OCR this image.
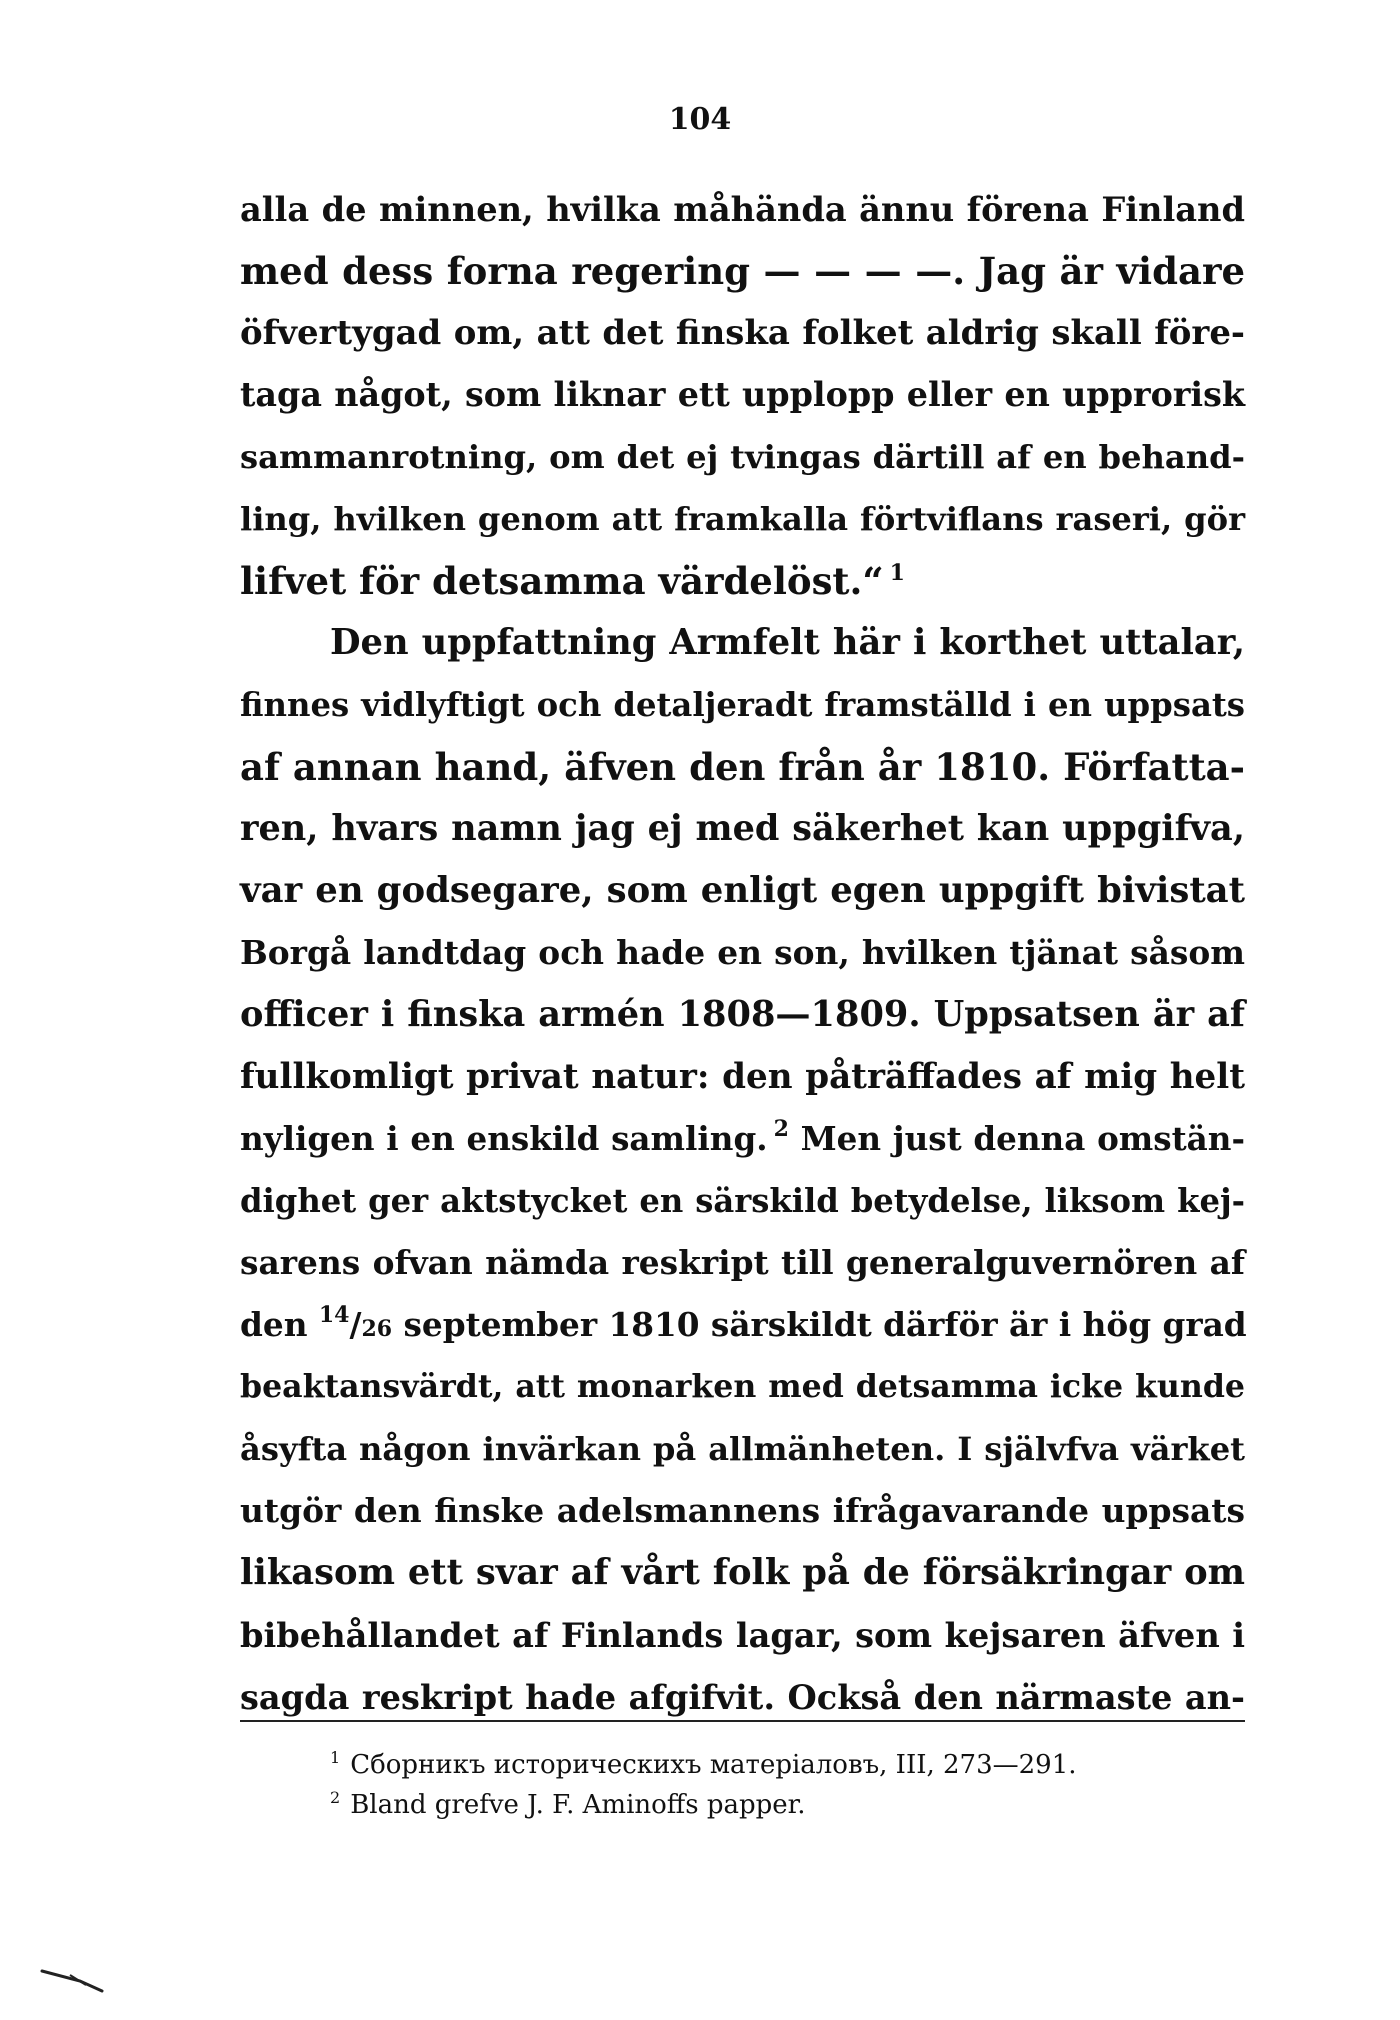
104
alla de minnen, hvilka måhända ännu förena Finland
med dess forna regering — — — —. Jag är vidare
öfvertygad om, att det finska folket aldrig skall före-
taga något, som liknar ett upplopp eller en upprorisk
sammanrotning, om det ej tvingas därtill af en behand-
ling, hvilken genom att framkalla förtviflans raseri, gör
lifvet för detsamma värdelöst.“ $^1$
Den uppfattning Armfelt här i korthet uttalar,
finnes vidlyftigt och detaljeradt framställd i en uppsats
af annan hand, äfven den från år 1810. Författa-
ren, hvars namn jag ej med säkerhet kan uppgifva,
var en godsegare, som enligt egen uppgift bivistat
Borgå landtdag och hade en son, hvilken tjänat såsom
officer i finska armén 1808—1809. Uppsatsen är af
fullkomligt privat natur: den påträffades af mig helt
nyligen i en enskild samling. $^2$ Men just denna omstän-
dighet ger aktstycket en särskild betydelse, liksom kej-
sarens ofvan nämda reskript till generalguvernören af
den $^{14}$/26 september 1810 särskildt därför är i hög grad
beaktansvärdt, att monarken med detsamma icke kunde
åsyfta någon invärkan på allmänheten. I självfva värket
utgör den finske adelsmannens ifrågavarande uppsats
likasom ett svar af vårt folk på de försäkringar om
bibehållandet af Finlands lagar, som kejsaren äfven i
sagda reskript hade afgifvit. Också den närmaste an-
$^1$ Сборникъ историческихъ матеріаловъ, III, 273—291.
$^2$ Bland grefve J. F. Aminoffs papper.
